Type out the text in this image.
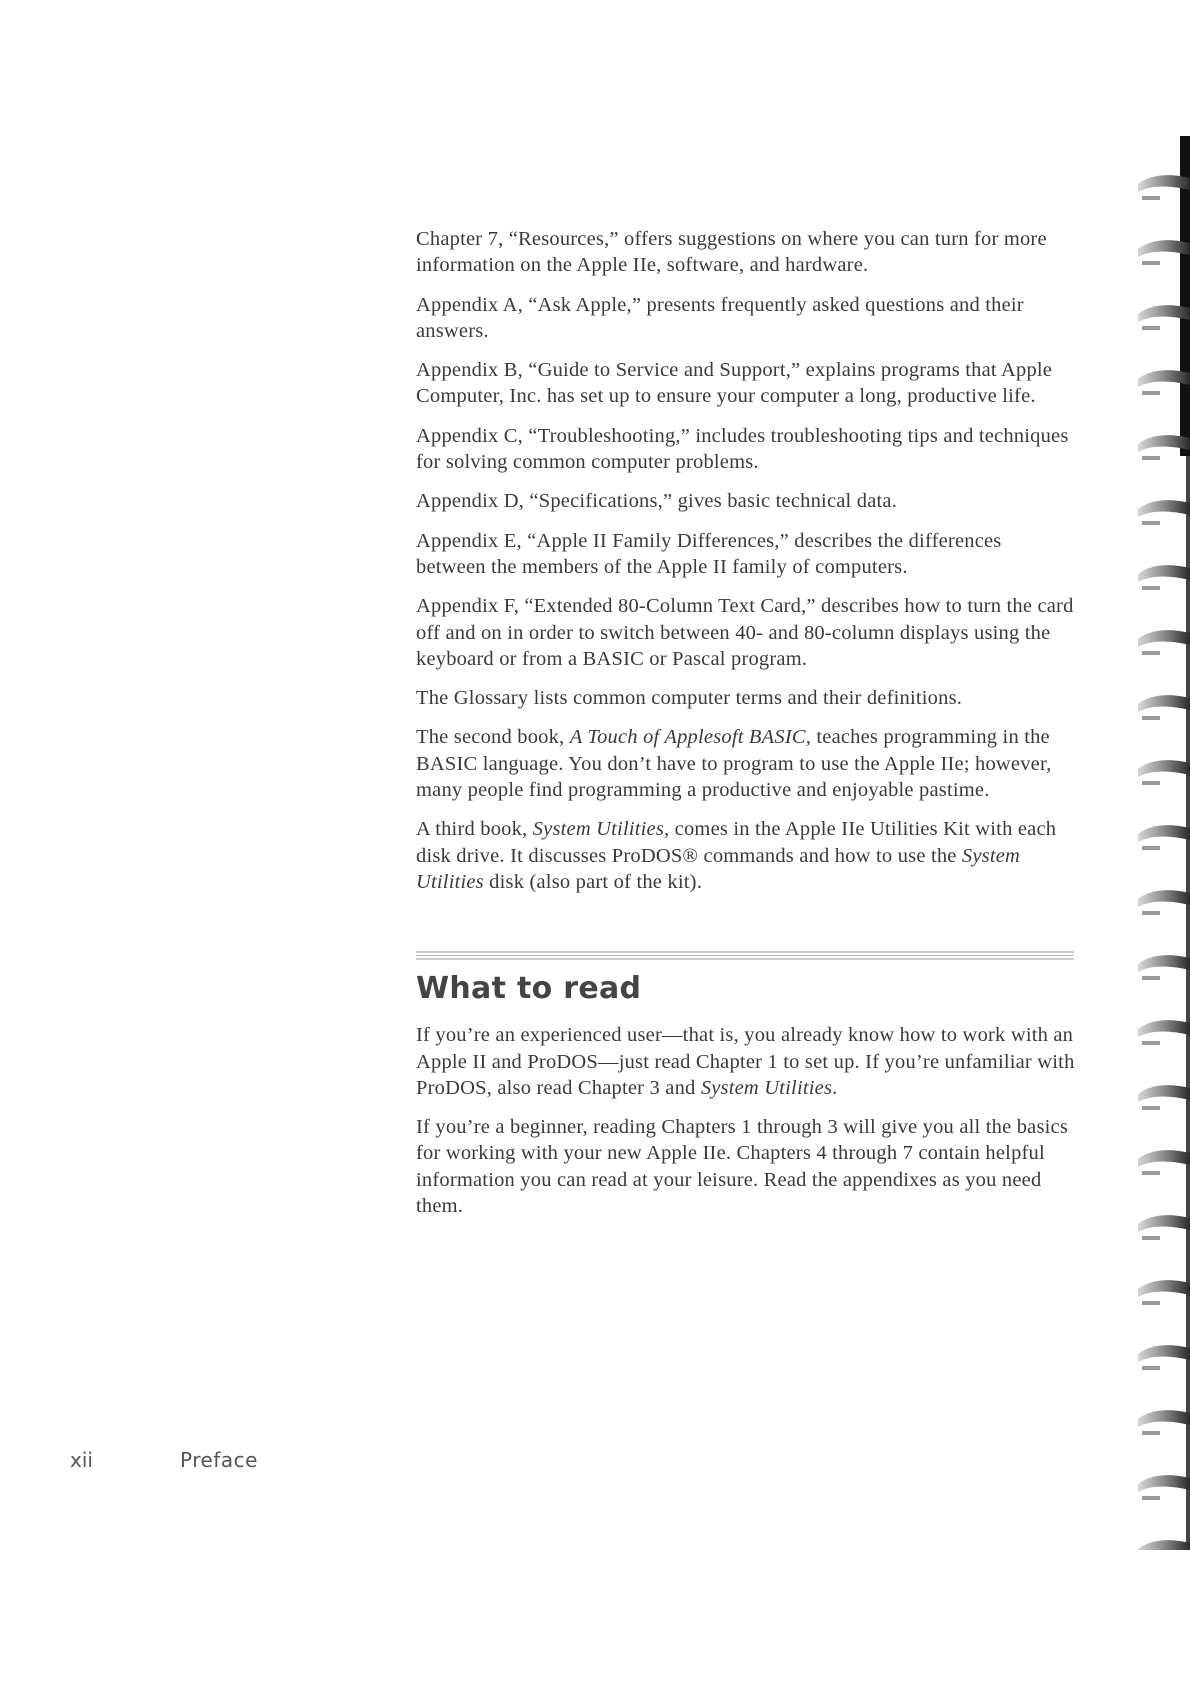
Chapter 7, “Resources,” offers suggestions on where you can turn for more information on the Apple IIe, software, and hardware.

Appendix A, “Ask Apple,” presents frequently asked questions and their answers.

Appendix B, “Guide to Service and Support,” explains programs that Apple Computer, Inc. has set up to ensure your computer a long, productive life.

Appendix C, “Troubleshooting,” includes troubleshooting tips and techniques for solving common computer problems.

Appendix D, “Specifications,” gives basic technical data.

Appendix E, “Apple II Family Differences,” describes the differences between the members of the Apple II family of computers.

Appendix F, “Extended 80-Column Text Card,” describes how to turn the card off and on in order to switch between 40- and 80-column displays using the keyboard or from a BASIC or Pascal program.

The Glossary lists common computer terms and their definitions.

The second book, A Touch of Applesoft BASIC, teaches programming in the BASIC language. You don’t have to program to use the Apple IIe; however, many people find programming a productive and enjoyable pastime.

A third book, System Utilities, comes in the Apple IIe Utilities Kit with each disk drive. It discusses ProDOS® commands and how to use the System Utilities disk (also part of the kit).

What to read

If you’re an experienced user—that is, you already know how to work with an Apple II and ProDOS—just read Chapter 1 to set up. If you’re unfamiliar with ProDOS, also read Chapter 3 and System Utilities.

If you’re a beginner, reading Chapters 1 through 3 will give you all the basics for working with your new Apple IIe. Chapters 4 through 7 contain helpful information you can read at your leisure. Read the appendixes as you need them.

xii	Preface
